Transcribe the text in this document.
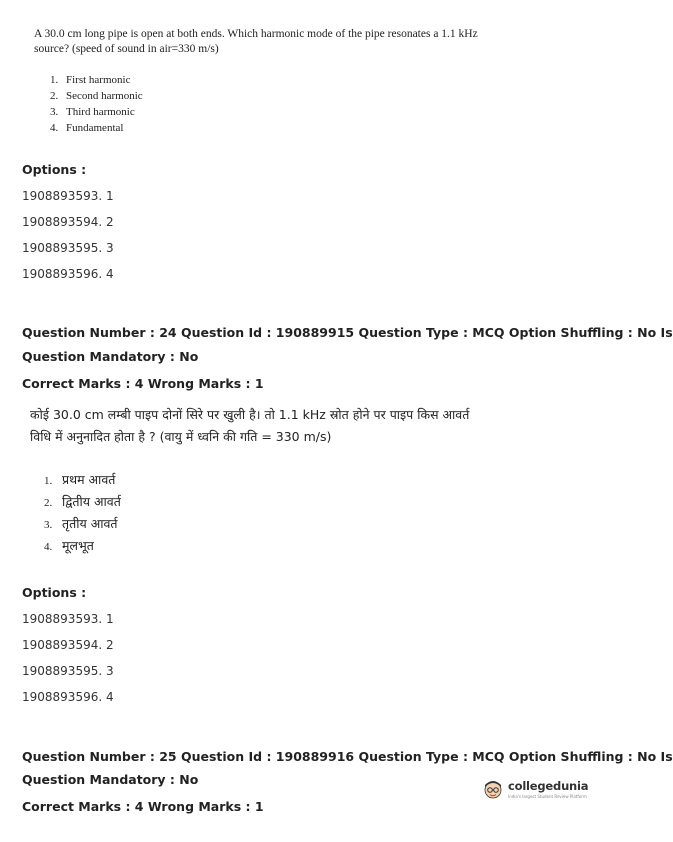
A 30.0 cm long pipe is open at both ends. Which harmonic mode of the pipe resonates a 1.1 kHz
source? (speed of sound in air=330 m/s)
1. First harmonic
2. Second harmonic
3. Third harmonic
4. Fundamental
Options :
1908893593. 1
1908893594. 2
1908893595. 3
1908893596. 4
Question Number : 24 Question Id : 190889915 Question Type : MCQ Option Shuffling : No Is
Question Mandatory : No
Correct Marks : 4 Wrong Marks : 1
कोई 30.0 cm लम्बी पाइप दोनों सिरे पर खुली है। तो 1.1 kHz स्रोत होने पर पाइप किस आवर्त
विधि में अनुनादित होता है ? (वायु में ध्वनि की गति = 330 m/s)
1. प्रथम आवर्त
2. द्वितीय आवर्त
3. तृतीय आवर्त
4. मूलभूत
Options :
1908893593. 1
1908893594. 2
1908893595. 3
1908893596. 4
Question Number : 25 Question Id : 190889916 Question Type : MCQ Option Shuffling : No Is
Question Mandatory : No
Correct Marks : 4 Wrong Marks : 1
collegedunia
India's largest Student Review Platform
